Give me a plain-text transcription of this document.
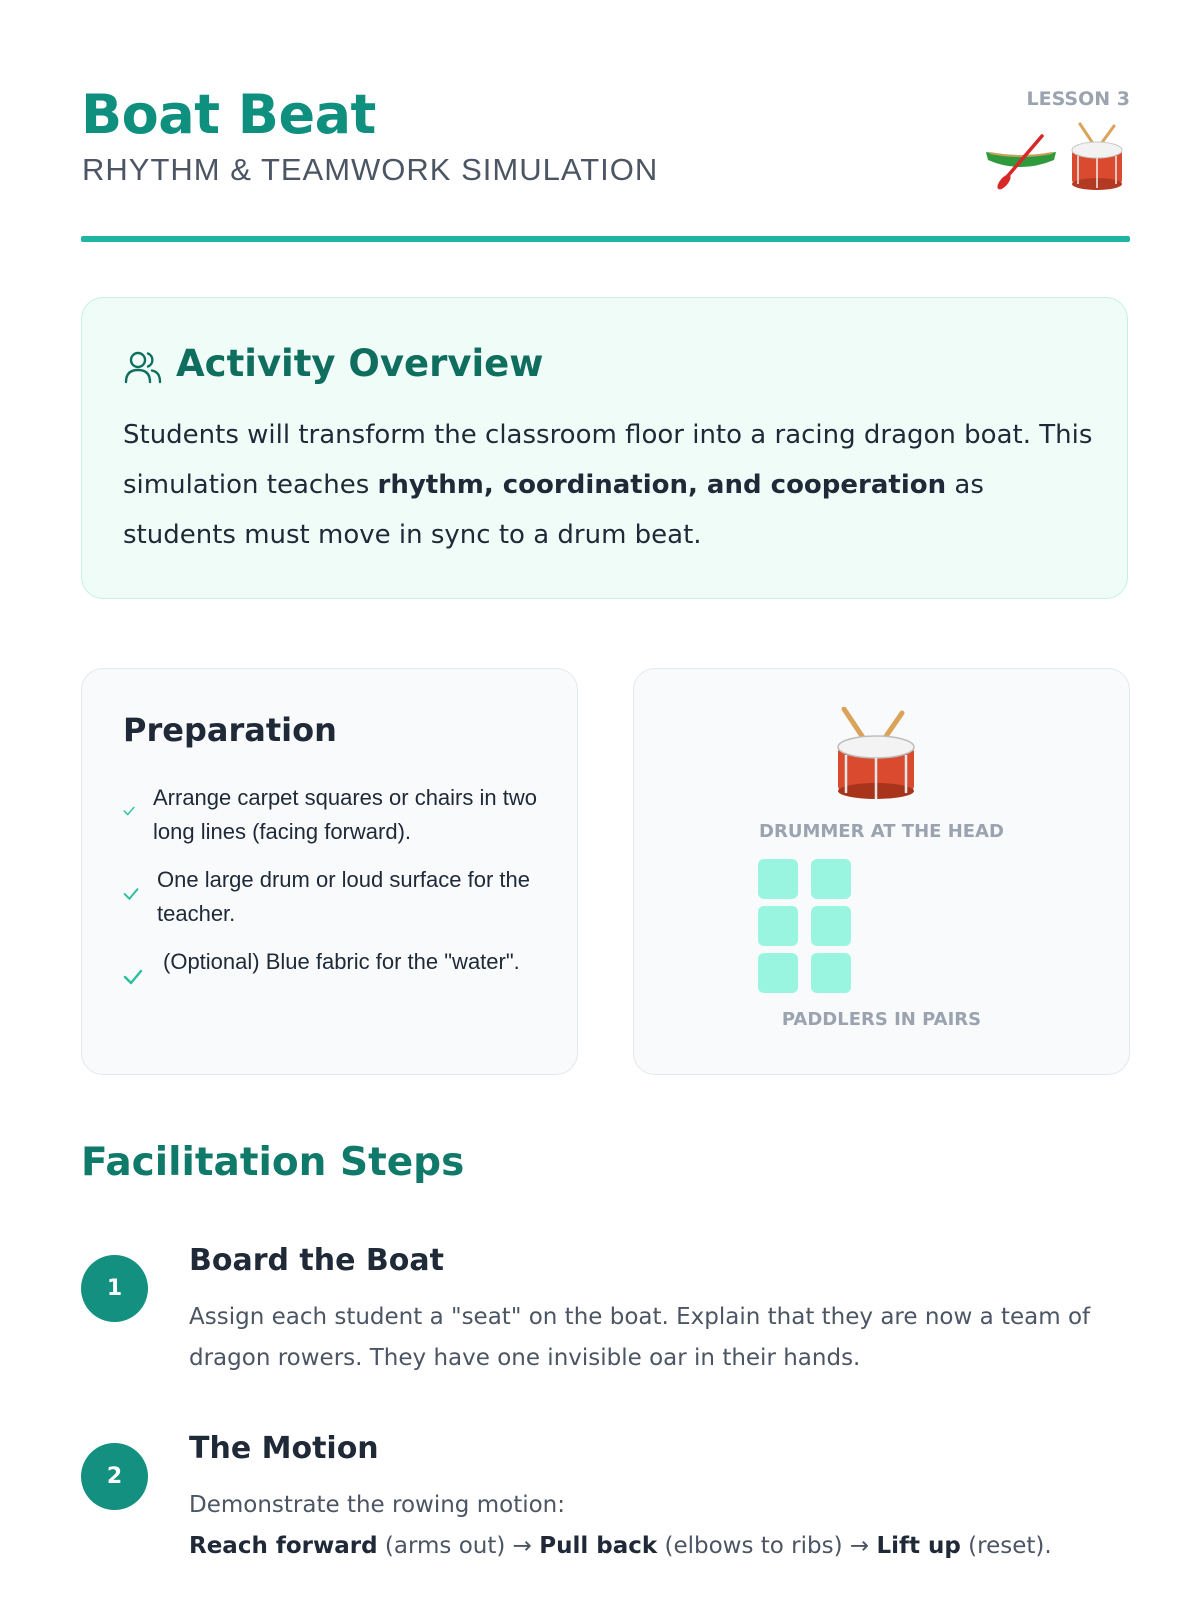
Boat Beat
RHYTHM & TEAMWORK SIMULATION
LESSON 3
Activity Overview

Students will transform the classroom floor into a racing dragon boat. This simulation teaches rhythm, coordination, and cooperation as students must move in sync to a drum beat.

Preparation
Arrange carpet squares or chairs in two long lines (facing forward).
One large drum or loud surface for the teacher.
(Optional) Blue fabric for the "water".
DRUMMER AT THE HEAD
PADDLERS IN PAIRS
Facilitation Steps
1
Board the Boat
Assign each student a "seat" on the boat. Explain that they are now a team of dragon rowers. They have one invisible oar in their hands.
2
The Motion
Demonstrate the rowing motion:
Reach forward (arms out) → Pull back (elbows to ribs) → Lift up (reset).
